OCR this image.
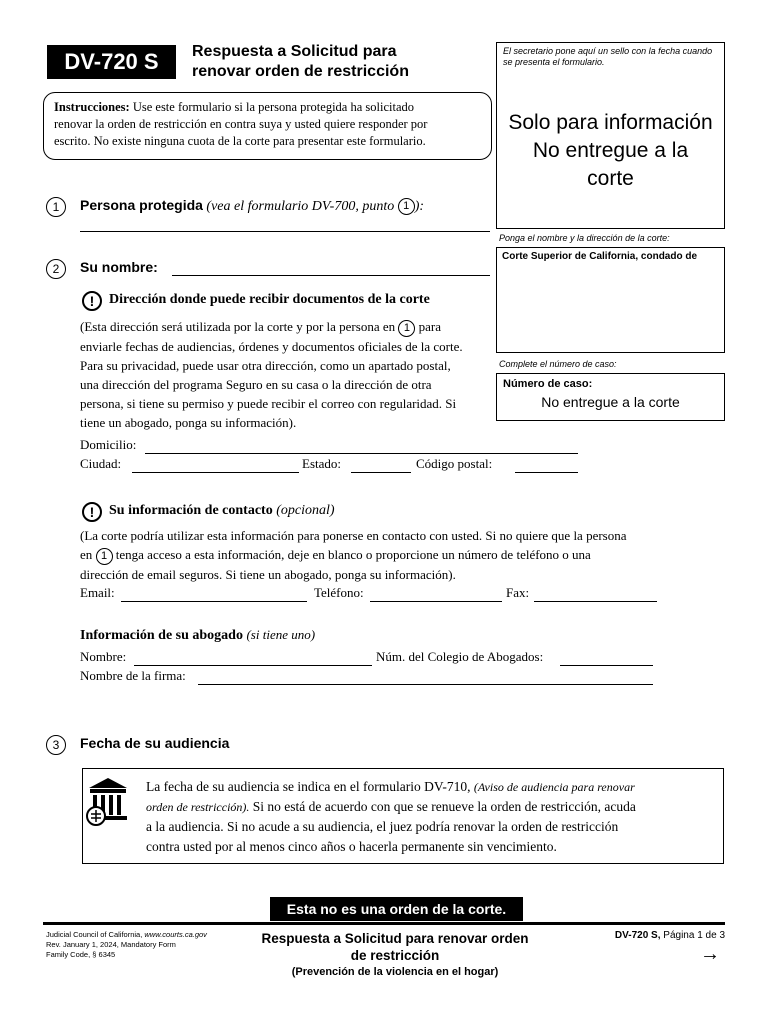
DV-720 S	Respuesta a Solicitud para
renovar orden de restricción
El secretario pone aquí un sello con la fecha cuando se presenta el formulario.
Solo para información
No entregue a la
corte
Ponga el nombre y la dirección de la corte:
Corte Superior de California, condado de
Complete el número de caso:
Número de caso:
No entregue a la corte
Instrucciones: Use este formulario si la persona protegida ha solicitado
renovar la orden de restricción en contra suya y usted quiere responder por
escrito. No existe ninguna cuota de la corte para presentar este formulario.
1	Persona protegida (vea el formulario DV-700, punto 1 ):
2	Su nombre:
!	Dirección donde puede recibir documentos de la corte
(Esta dirección será utilizada por la corte y por la persona en 1 para
enviarle fechas de audiencias, órdenes y documentos oficiales de la corte.
Para su privacidad, puede usar otra dirección, como un apartado postal,
una dirección del programa Seguro en su casa o la dirección de otra
persona, si tiene su permiso y puede recibir el correo con regularidad. Si
tiene un abogado, ponga su información).
Domicilio:
Ciudad:	Estado:	Código postal:
!	Su información de contacto (opcional)
(La corte podría utilizar esta información para ponerse en contacto con usted. Si no quiere que la persona
en 1 tenga acceso a esta información, deje en blanco o proporcione un número de teléfono o una
dirección de email seguros. Si tiene un abogado, ponga su información).
Email:	Teléfono:	Fax:
Información de su abogado (si tiene uno)
Nombre:	Núm. del Colegio de Abogados:
Nombre de la firma:
3	Fecha de su audiencia
La fecha de su audiencia se indica en el formulario DV-710, (Aviso de audiencia para renovar
orden de restricción). Si no está de acuerdo con que se renueve la orden de restricción, acuda
a la audiencia. Si no acude a su audiencia, el juez podría renovar la orden de restricción
contra usted por al menos cinco años o hacerla permanente sin vencimiento.
Esta no es una orden de la corte.
Judicial Council of California, www.courts.ca.gov
Rev. January 1, 2024, Mandatory Form
Family Code, § 6345
Respuesta a Solicitud para renovar orden
de restricción
(Prevención de la violencia en el hogar)
DV-720 S, Página 1 de 3
→
